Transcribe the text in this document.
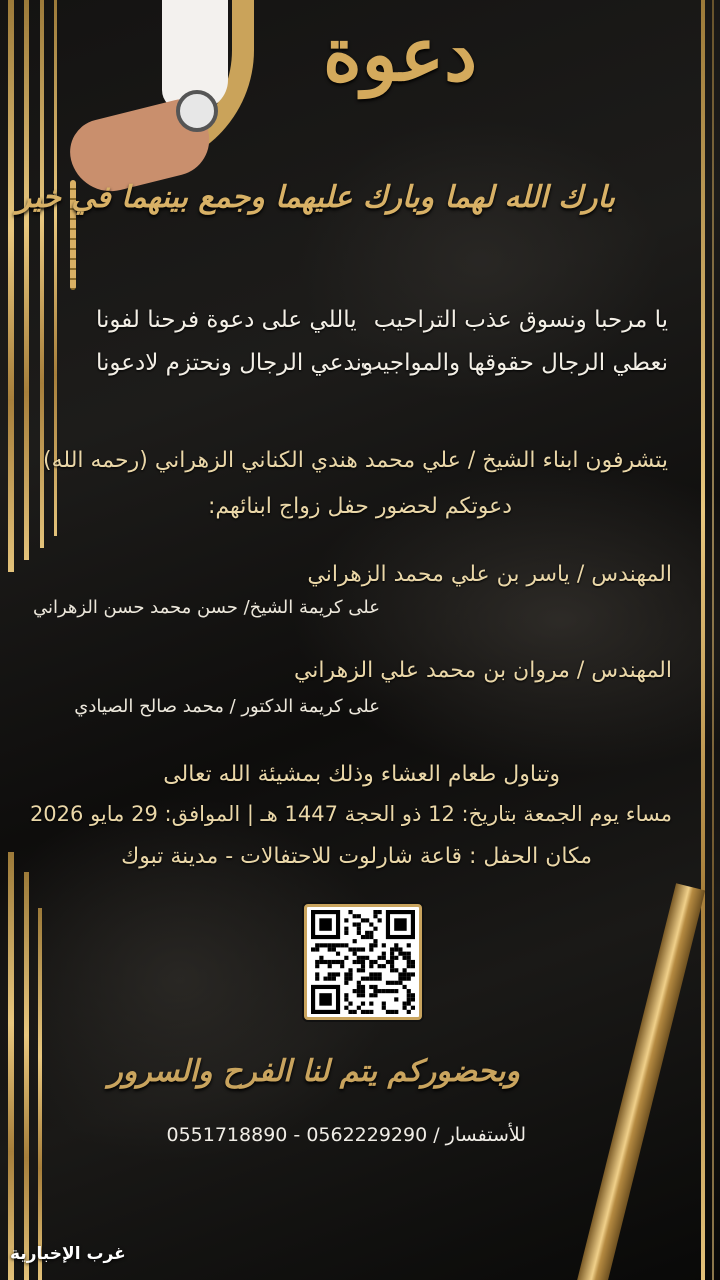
دعوة
بارك الله لهما وبارك عليهما وجمع بينهما في خير
يا مرحبا ونسوق عذب التراحيب
ياللي على دعوة فرحنا لفونا
نعطي الرجال حقوقها والمواجيب
وندعي الرجال ونحتزم لادعونا
يتشرفون ابناء الشيخ / علي محمد هندي الكناني الزهراني (رحمه الله)
دعوتكم لحضور حفل زواج ابنائهم:
المهندس / ياسر بن علي محمد الزهراني
على كريمة الشيخ/ حسن محمد حسن الزهراني
المهندس / مروان بن محمد علي الزهراني
على كريمة الدكتور / محمد صالح الصيادي
وتناول طعام العشاء وذلك بمشيئة الله تعالى
مساء يوم الجمعة بتاريخ: 12 ذو الحجة 1447 هـ | الموافق: 29 مايو 2026
مكان الحفل : قاعة شارلوت للاحتفالات - مدينة تبوك
وبحضوركم يتم لنا الفرح والسرور
للأستفسار / 0562229290 - 0551718890
غرب الإخبارية
